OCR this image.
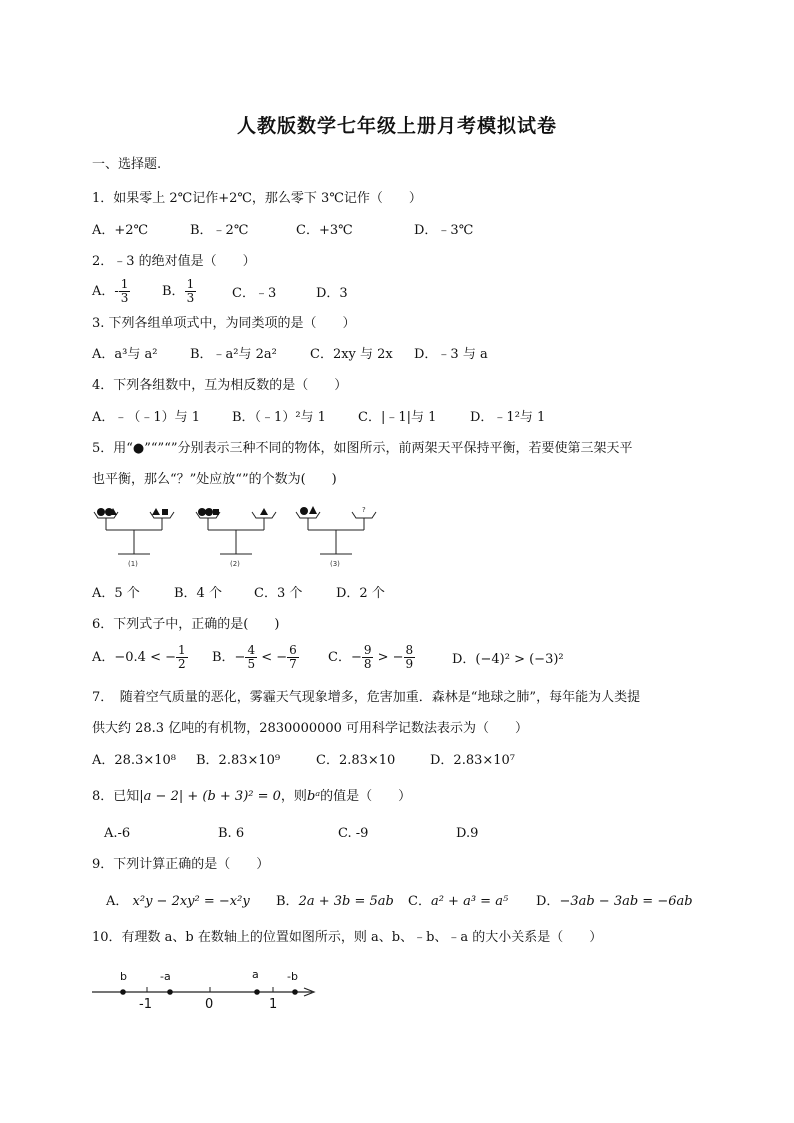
人教版数学七年级上册月考模拟试卷
一、选择题.
1．如果零上 2℃记作+2℃，那么零下 3℃记作（　　）
A．+2℃	B．﹣2℃	C．+3℃	D．﹣3℃
2．﹣3 的绝对值是（　　）
A．- $\frac{1}{3}$ B． $\frac{1}{3}$	C．﹣3	D．3
3. 下列各组单项式中，为同类项的是（　　）
A．a³与 a²	B．﹣a²与 2a²	C．2xy 与 2x D．﹣3 与 a
4．下列各组数中，互为相反数的是（　　）
A．﹣（﹣1）与 1 B．（﹣1）²与 1 C．|﹣1|与 1	D．﹣1²与 1
5．用“●”“”“”分别表示三种不同的物体，如图所示，前两架天平保持平衡，若要使第三架天平
也平衡，那么“？”处应放“”的个数为(　　)
(1)	(2)
?
(3)
A．5 个	B．4 个 C．3 个	D．2 个
6．下列式子中，正确的是(　　)
A．−0.4 < − $\frac{1}{2}$ B．− $\frac{4}{5}$ < − $\frac{6}{7}$ C．− $\frac{9}{8}$ > − $\frac{8}{9}$	D．(−4)² > (−3)²
7．　随着空气质量的恶化，雾霾天气现象增多，危害加重．森林是“地球之肺”，每年能为人类提
供大约 28.3 亿吨的有机物，2830000000 可用科学记数法表示为（　　）
A．28.3×10⁸ B．2.83×10⁹	C．2.83×10	D．2.83×10⁷
8．已知|a − 2| + (b + 3)² = 0，则bᵃ的值是（　　）
A.-6	B. 6	C. -9	D.9
9．下列计算正确的是（　　）
A． x²y − 2xy² = −x²y B．2a + 3b = 5ab C．a² + a³ = a⁵ D．−3ab − 3ab = −6ab
10．有理数 a、b 在数轴上的位置如图所示，则 a、b、﹣b、﹣a 的大小关系是（　　）
b	-a	a	-b
-1	0	1
